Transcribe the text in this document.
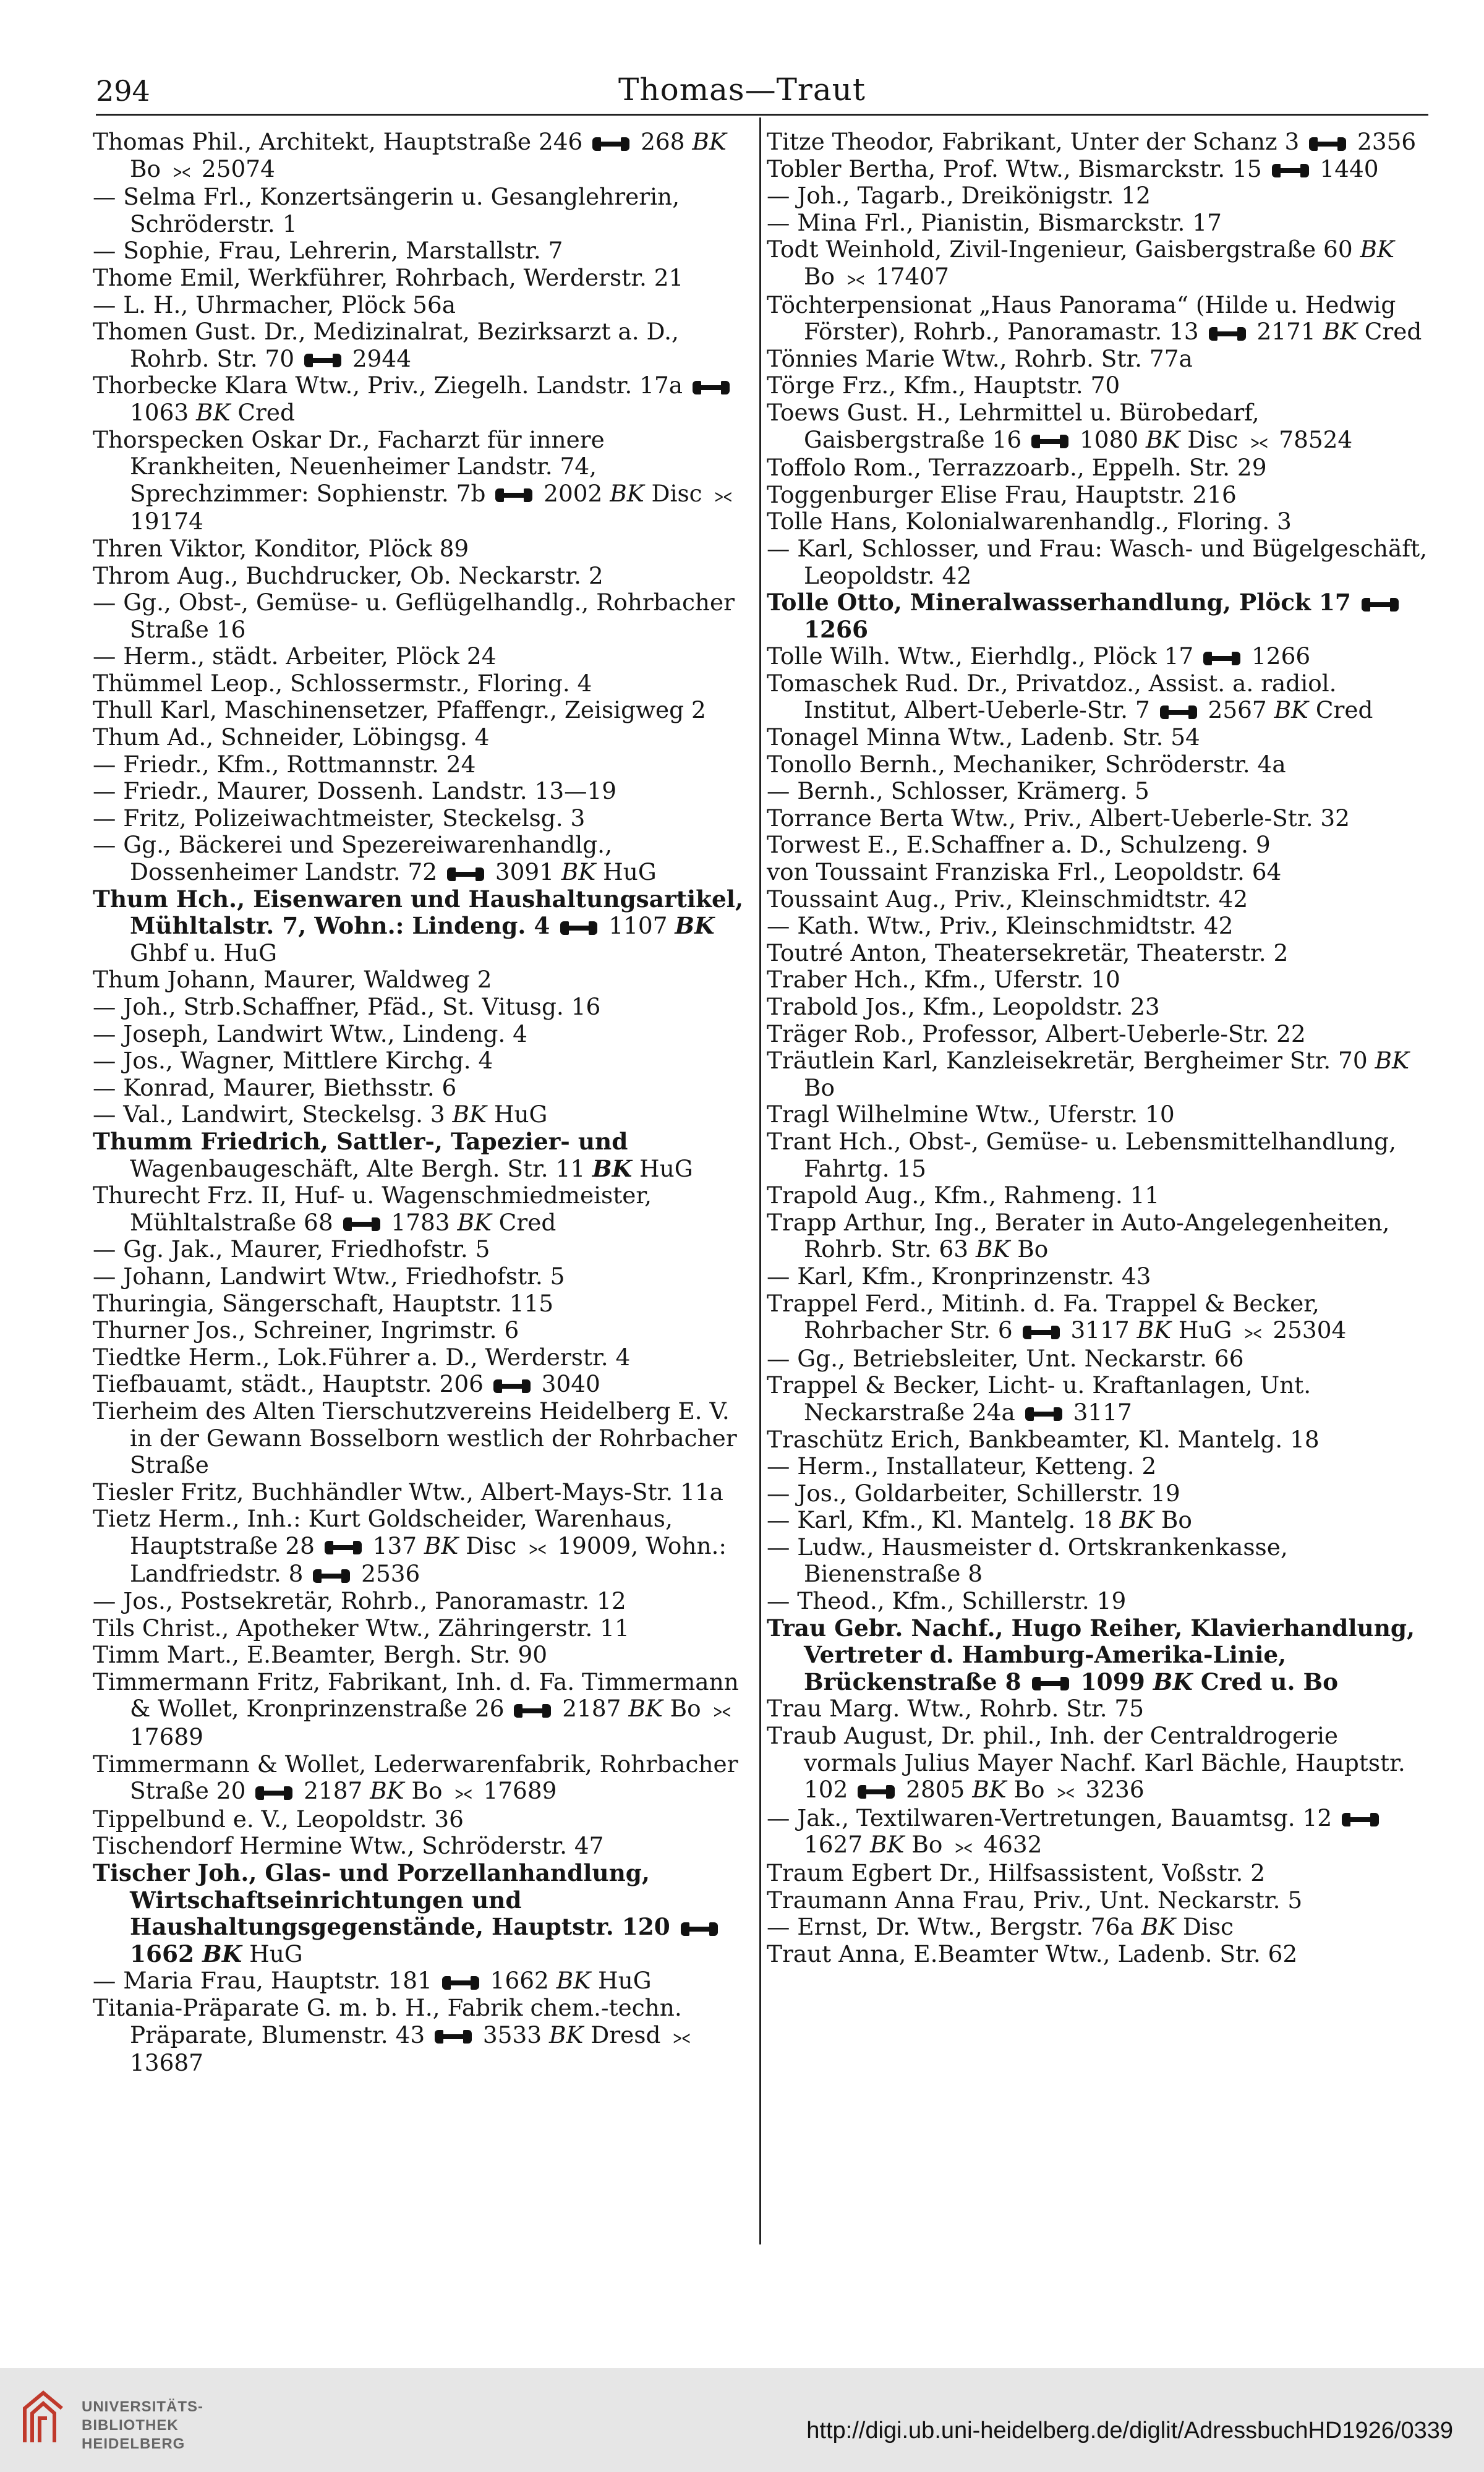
294	Thomas—Traut
Thomas Phil., Architekt, Hauptstraße 246
268 BK Bo ⪥ 25074
— Selma Frl., Konzertsängerin u. Gesanglehrerin, Schröderstr. 1
— Sophie, Frau, Lehrerin, Marstallstr. 7
Thome Emil, Werkführer, Rohrbach, Werderstr. 21
— L. H., Uhrmacher, Plöck 56a
Thomen Gust. Dr., Medizinalrat, Bezirksarzt a. D., Rohrb. Str. 70
2944
Thorbecke Klara Wtw., Priv., Ziegelh. Landstr. 17a
1063 BK Cred
Thorspecken Oskar Dr., Facharzt für innere Krankheiten, Neuenheimer Landstr. 74, Sprechzimmer: Sophienstr. 7b
2002 BK Disc ⪥ 19174
Thren Viktor, Konditor, Plöck 89
Throm Aug., Buchdrucker, Ob. Neckarstr. 2
— Gg., Obst-, Gemüse- u. Geflügelhandlg., Rohrbacher Straße 16
— Herm., städt. Arbeiter, Plöck 24
Thümmel Leop., Schlossermstr., Floring. 4
Thull Karl, Maschinensetzer, Pfaffengr., Zeisigweg 2
Thum Ad., Schneider, Löbingsg. 4
— Friedr., Kfm., Rottmannstr. 24
— Friedr., Maurer, Dossenh. Landstr. 13—19
— Fritz, Polizeiwachtmeister, Steckelsg. 3
— Gg., Bäckerei und Spezereiwarenhandlg., Dossenheimer Landstr. 72
3091 BK HuG
Thum Hch., Eisenwaren und Haushaltungsartikel, Mühltalstr. 7, Wohn.: Lindeng. 4
1107 BK Ghbf u. HuG
Thum Johann, Maurer, Waldweg 2
— Joh., Strb.Schaffner, Pfäd., St. Vitusg. 16
— Joseph, Landwirt Wtw., Lindeng. 4
— Jos., Wagner, Mittlere Kirchg. 4
— Konrad, Maurer, Biethsstr. 6
— Val., Landwirt, Steckelsg. 3 BK HuG
Thumm Friedrich, Sattler-, Tapezier- und Wagenbaugeschäft, Alte Bergh. Str. 11 BK HuG
Thurecht Frz. II, Huf- u. Wagenschmiedmeister, Mühltalstraße 68
1783 BK Cred
— Gg. Jak., Maurer, Friedhofstr. 5
— Johann, Landwirt Wtw., Friedhofstr. 5
Thuringia, Sängerschaft, Hauptstr. 115
Thurner Jos., Schreiner, Ingrimstr. 6
Tiedtke Herm., Lok.Führer a. D., Werderstr. 4
Tiefbauamt, städt., Hauptstr. 206
3040
Tierheim des Alten Tierschutzvereins Heidelberg E. V. in der Gewann Bosselborn westlich der Rohrbacher Straße
Tiesler Fritz, Buchhändler Wtw., Albert-Mays-Str. 11a
Tietz Herm., Inh.: Kurt Goldscheider, Warenhaus, Hauptstraße 28
137 BK Disc ⪥ 19009, Wohn.: Landfriedstr. 8
2536
— Jos., Postsekretär, Rohrb., Panoramastr. 12
Tils Christ., Apotheker Wtw., Zähringerstr. 11
Timm Mart., E.Beamter, Bergh. Str. 90
Timmermann Fritz, Fabrikant, Inh. d. Fa. Timmermann & Wollet, Kronprinzenstraße 26
2187 BK Bo ⪥ 17689
Timmermann & Wollet, Lederwarenfabrik, Rohrbacher Straße 20
2187 BK Bo ⪥ 17689
Tippelbund e. V., Leopoldstr. 36
Tischendorf Hermine Wtw., Schröderstr. 47
Tischer Joh., Glas- und Porzellanhandlung, Wirtschaftseinrichtungen und Haushaltungsgegenstände, Hauptstr. 120
1662 BK HuG
— Maria Frau, Hauptstr. 181
1662 BK HuG
Titania-Präparate G. m. b. H., Fabrik chem.-techn. Präparate, Blumenstr. 43
3533 BK Dresd ⪥ 13687
Titze Theodor, Fabrikant, Unter der Schanz 3
2356
Tobler Bertha, Prof. Wtw., Bismarckstr. 15
1440
— Joh., Tagarb., Dreikönigstr. 12
— Mina Frl., Pianistin, Bismarckstr. 17
Todt Weinhold, Zivil-Ingenieur, Gaisbergstraße 60 BK Bo ⪥ 17407
Töchterpensionat „Haus Panorama“ (Hilde u. Hedwig Förster), Rohrb., Panoramastr. 13
2171 BK Cred
Tönnies Marie Wtw., Rohrb. Str. 77a
Törge Frz., Kfm., Hauptstr. 70
Toews Gust. H., Lehrmittel u. Bürobedarf, Gaisbergstraße 16
1080 BK Disc ⪥ 78524
Toffolo Rom., Terrazzoarb., Eppelh. Str. 29
Toggenburger Elise Frau, Hauptstr. 216
Tolle Hans, Kolonialwarenhandlg., Floring. 3
— Karl, Schlosser, und Frau: Wasch- und Bügelgeschäft, Leopoldstr. 42
Tolle Otto, Mineralwasserhandlung, Plöck 17
1266
Tolle Wilh. Wtw., Eierhdlg., Plöck 17
1266
Tomaschek Rud. Dr., Privatdoz., Assist. a. radiol. Institut, Albert-Ueberle-Str. 7
2567 BK Cred
Tonagel Minna Wtw., Ladenb. Str. 54
Tonollo Bernh., Mechaniker, Schröderstr. 4a
— Bernh., Schlosser, Krämerg. 5
Torrance Berta Wtw., Priv., Albert-Ueberle-Str. 32
Torwest E., E.Schaffner a. D., Schulzeng. 9
von Toussaint Franziska Frl., Leopoldstr. 64
Toussaint Aug., Priv., Kleinschmidtstr. 42
— Kath. Wtw., Priv., Kleinschmidtstr. 42
Toutré Anton, Theatersekretär, Theaterstr. 2
Traber Hch., Kfm., Uferstr. 10
Trabold Jos., Kfm., Leopoldstr. 23
Träger Rob., Professor, Albert-Ueberle-Str. 22
Träutlein Karl, Kanzleisekretär, Bergheimer Str. 70 BK Bo
Tragl Wilhelmine Wtw., Uferstr. 10
Trant Hch., Obst-, Gemüse- u. Lebensmittelhandlung, Fahrtg. 15
Trapold Aug., Kfm., Rahmeng. 11
Trapp Arthur, Ing., Berater in Auto-Angelegenheiten, Rohrb. Str. 63 BK Bo
— Karl, Kfm., Kronprinzenstr. 43
Trappel Ferd., Mitinh. d. Fa. Trappel & Becker, Rohrbacher Str. 6
3117 BK HuG ⪥ 25304
— Gg., Betriebsleiter, Unt. Neckarstr. 66
Trappel & Becker, Licht- u. Kraftanlagen, Unt. Neckarstraße 24a
3117
Traschütz Erich, Bankbeamter, Kl. Mantelg. 18
— Herm., Installateur, Ketteng. 2
— Jos., Goldarbeiter, Schillerstr. 19
— Karl, Kfm., Kl. Mantelg. 18 BK Bo
— Ludw., Hausmeister d. Ortskrankenkasse, Bienenstraße 8
— Theod., Kfm., Schillerstr. 19
Trau Gebr. Nachf., Hugo Reiher, Klavierhandlung, Vertreter d. Hamburg-Amerika-Linie, Brückenstraße 8
1099 BK Cred u. Bo
Trau Marg. Wtw., Rohrb. Str. 75
Traub August, Dr. phil., Inh. der Centraldrogerie vormals Julius Mayer Nachf. Karl Bächle, Hauptstr. 102
2805 BK Bo ⪥ 3236
— Jak., Textilwaren-Vertretungen, Bauamtsg. 12
1627 BK Bo ⪥ 4632
Traum Egbert Dr., Hilfsassistent, Voßstr. 2
Traumann Anna Frau, Priv., Unt. Neckarstr. 5
— Ernst, Dr. Wtw., Bergstr. 76a BK Disc
Traut Anna, E.Beamter Wtw., Ladenb. Str. 62
UNIVERSITÄTS-
BIBLIOTHEK
HEIDELBERG
http://digi.ub.uni-heidelberg.de/diglit/AdressbuchHD1926/0339
